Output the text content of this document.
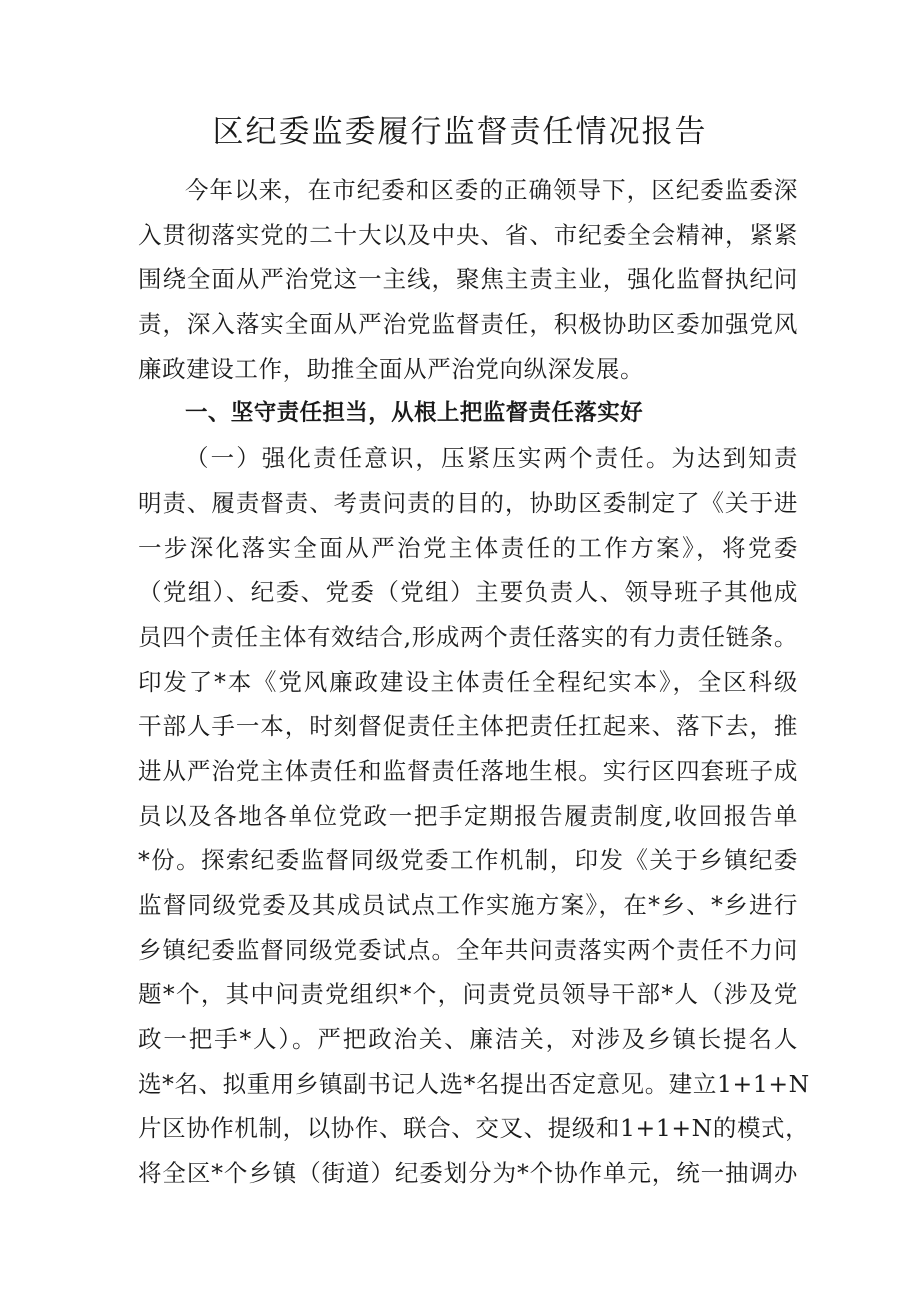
区纪委监委履行监督责任情况报告
今年以来，在市纪委和区委的正确领导下，区纪委监委深
入贯彻落实党的二十大以及中央、省、市纪委全会精神，紧紧
围绕全面从严治党这一主线，聚焦主责主业，强化监督执纪问
责，深入落实全面从严治党监督责任，积极协助区委加强党风
廉政建设工作，助推全面从严治党向纵深发展。
一、坚守责任担当，从根上把监督责任落实好
（一）强化责任意识，压紧压实两个责任。为达到知责
明责、履责督责、考责问责的目的，协助区委制定了《关于进
一步深化落实全面从严治党主体责任的工作方案》，将党委
（党组）、纪委、党委（党组）主要负责人、领导班子其他成
员四个责任主体有效结合,形成两个责任落实的有力责任链条。
印发了*本《党风廉政建设主体责任全程纪实本》，全区科级
干部人手一本，时刻督促责任主体把责任扛起来、落下去，推
进从严治党主体责任和监督责任落地生根。实行区四套班子成
员以及各地各单位党政一把手定期报告履责制度,收回报告单
*份。探索纪委监督同级党委工作机制，印发《关于乡镇纪委
监督同级党委及其成员试点工作实施方案》，在*乡、*乡进行
乡镇纪委监督同级党委试点。全年共问责落实两个责任不力问
题*个，其中问责党组织*个，问责党员领导干部*人（涉及党
政一把手*人）。严把政治关、廉洁关，对涉及乡镇长提名人
选*名、拟重用乡镇副书记人选*名提出否定意见。建立1+1+N
片区协作机制，以协作、联合、交叉、提级和1+1+N的模式，
将全区*个乡镇（街道）纪委划分为*个协作单元，统一抽调办
